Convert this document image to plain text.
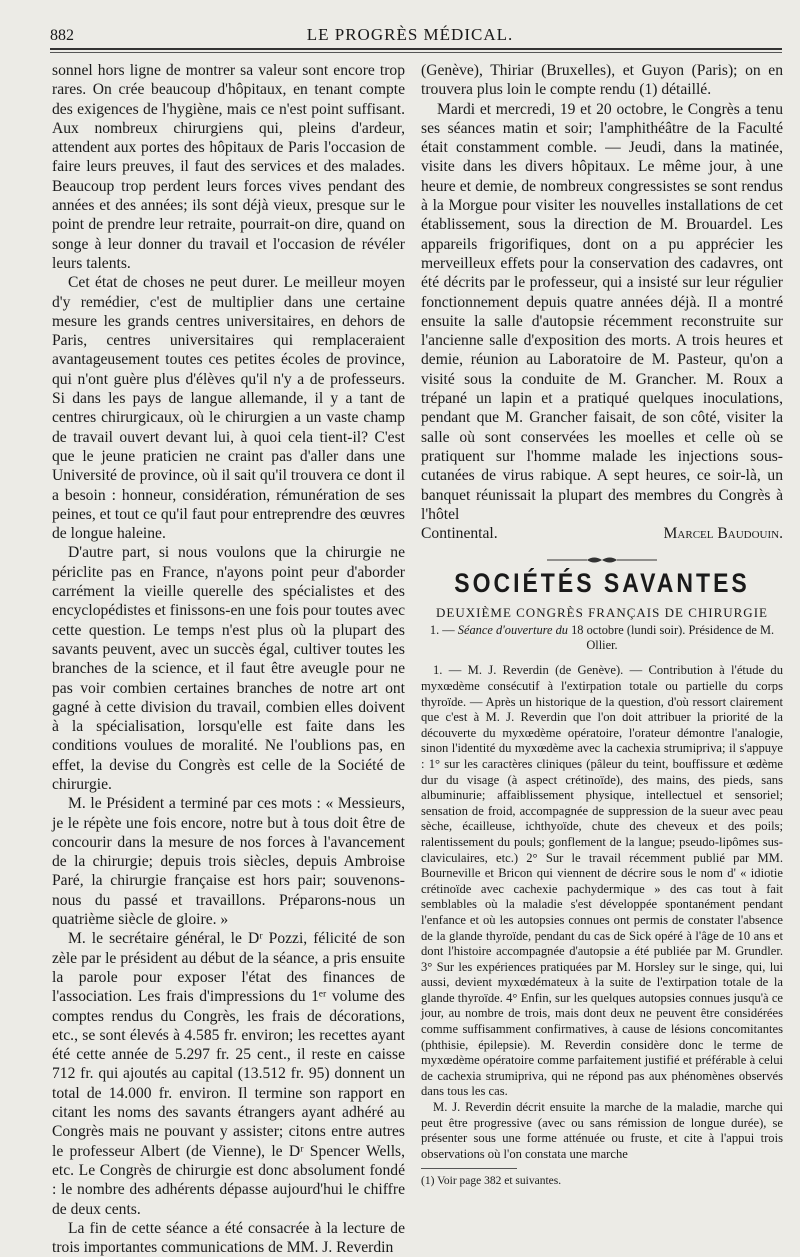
882	LE PROGRÈS MÉDICAL.

sonnel hors ligne de montrer sa valeur sont encore trop rares. On crée beaucoup d'hôpitaux, en tenant compte des exigences de l'hygiène, mais ce n'est point suffisant. Aux nombreux chirurgiens qui, pleins d'ardeur, attendent aux portes des hôpitaux de Paris l'occasion de faire leurs preuves, il faut des services et des malades. Beaucoup trop perdent leurs forces vives pendant des années et des années; ils sont déjà vieux, presque sur le point de prendre leur retraite, pourrait-on dire, quand on songe à leur donner du travail et l'occasion de révéler leurs talents.

Cet état de choses ne peut durer. Le meilleur moyen d'y remédier, c'est de multiplier dans une certaine mesure les grands centres universitaires, en dehors de Paris, centres universitaires qui remplaceraient avantageusement toutes ces petites écoles de province, qui n'ont guère plus d'élèves qu'il n'y a de professeurs. Si dans les pays de langue allemande, il y a tant de centres chirurgicaux, où le chirurgien a un vaste champ de travail ouvert devant lui, à quoi cela tient-il? C'est que le jeune praticien ne craint pas d'aller dans une Université de province, où il sait qu'il trouvera ce dont il a besoin : honneur, considération, rémunération de ses peines, et tout ce qu'il faut pour entreprendre des œuvres de longue haleine.

D'autre part, si nous voulons que la chirurgie ne périclite pas en France, n'ayons point peur d'aborder carrément la vieille querelle des spécialistes et des encyclopédistes et finissons-en une fois pour toutes avec cette question. Le temps n'est plus où la plupart des savants peuvent, avec un succès égal, cultiver toutes les branches de la science, et il faut être aveugle pour ne pas voir combien certaines branches de notre art ont gagné à cette division du travail, combien elles doivent à la spécialisation, lorsqu'elle est faite dans les conditions voulues de moralité. Ne l'oublions pas, en effet, la devise du Congrès est celle de la Société de chirurgie.

M. le Président a terminé par ces mots : « Messieurs, je le répète une fois encore, notre but à tous doit être de concourir dans la mesure de nos forces à l'avancement de la chirurgie; depuis trois siècles, depuis Ambroise Paré, la chirurgie française est hors pair; souvenons-nous du passé et travaillons. Préparons-nous un quatrième siècle de gloire. »

M. le secrétaire général, le Dʳ Pozzi, félicité de son zèle par le président au début de la séance, a pris ensuite la parole pour exposer l'état des finances de l'association. Les frais d'impressions du 1ᵉʳ volume des comptes rendus du Congrès, les frais de décorations, etc., se sont élevés à 4.585 fr. environ; les recettes ayant été cette année de 5.297 fr. 25 cent., il reste en caisse 712 fr. qui ajoutés au capital (13.512 fr. 95) donnent un total de 14.000 fr. environ. Il termine son rapport en citant les noms des savants étrangers ayant adhéré au Congrès mais ne pouvant y assister; citons entre autres le professeur Albert (de Vienne), le Dʳ Spencer Wells, etc. Le Congrès de chirurgie est donc absolument fondé : le nombre des adhérents dépasse aujourd'hui le chiffre de deux cents.

La fin de cette séance a été consacrée à la lecture de trois importantes communications de MM. J. Reverdin

(Genève), Thiriar (Bruxelles), et Guyon (Paris); on en trouvera plus loin le compte rendu (1) détaillé.

Mardi et mercredi, 19 et 20 octobre, le Congrès a tenu ses séances matin et soir; l'amphithéâtre de la Faculté était constamment comble. — Jeudi, dans la matinée, visite dans les divers hôpitaux. Le même jour, à une heure et demie, de nombreux congressistes se sont rendus à la Morgue pour visiter les nouvelles installations de cet établissement, sous la direction de M. Brouardel. Les appareils frigorifiques, dont on a pu apprécier les merveilleux effets pour la conservation des cadavres, ont été décrits par le professeur, qui a insisté sur leur régulier fonctionnement depuis quatre années déjà. Il a montré ensuite la salle d'autopsie récemment reconstruite sur l'ancienne salle d'exposition des morts. A trois heures et demie, réunion au Laboratoire de M. Pasteur, qu'on a visité sous la conduite de M. Grancher. M. Roux a trépané un lapin et a pratiqué quelques inoculations, pendant que M. Grancher faisait, de son côté, visiter la salle où sont conservées les moelles et celle où se pratiquent sur l'homme malade les injections sous-cutanées de virus rabique. A sept heures, ce soir-là, un banquet réunissait la plupart des membres du Congrès à l'hôtel

Continental.	Marcel Baudouin.

SOCIÉTÉS SAVANTES
DEUXIÈME CONGRÈS FRANÇAIS DE CHIRURGIE
1. — Séance d'ouverture du 18 octobre (lundi soir). Présidence de M. Ollier.

1. — M. J. Reverdin (de Genève). — Contribution à l'étude du myxœdème consécutif à l'extirpation totale ou partielle du corps thyroïde. — Après un historique de la question, d'où ressort clairement que c'est à M. J. Reverdin que l'on doit attribuer la priorité de la découverte du myxœdème opératoire, l'orateur démontre l'analogie, sinon l'identité du myxœdème avec la cachexia strumipriva; il s'appuye : 1° sur les caractères cliniques (pâleur du teint, bouffissure et œdème dur du visage (à aspect crétinoïde), des mains, des pieds, sans albuminurie; affaiblissement physique, intellectuel et sensoriel; sensation de froid, accompagnée de suppression de la sueur avec peau sèche, écailleuse, ichthyoïde, chute des cheveux et des poils; ralentissement du pouls; gonflement de la langue; pseudo-lipômes sus-claviculaires, etc.) 2° Sur le travail récemment publié par MM. Bourneville et Bricon qui viennent de décrire sous le nom d' « idiotie crétinoïde avec cachexie pachydermique » des cas tout à fait semblables où la maladie s'est développée spontanément pendant l'enfance et où les autopsies connues ont permis de constater l'absence de la glande thyroïde, pendant du cas de Sick opéré à l'âge de 10 ans et dont l'histoire accompagnée d'autopsie a été publiée par M. Grundler. 3° Sur les expériences pratiquées par M. Horsley sur le singe, qui, lui aussi, devient myxœdémateux à la suite de l'extirpation totale de la glande thyroïde. 4° Enfin, sur les quelques autopsies connues jusqu'à ce jour, au nombre de trois, mais dont deux ne peuvent être considérées comme suffisamment confirmatives, à cause de lésions concomitantes (phthisie, épilepsie). M. Reverdin considère donc le terme de myxœdème opératoire comme parfaitement justifié et préférable à celui de cachexia strumipriva, qui ne répond pas aux phénomènes observés dans tous les cas.

M. J. Reverdin décrit ensuite la marche de la maladie, marche qui peut être progressive (avec ou sans rémission de longue durée), se présenter sous une forme atténuée ou fruste, et cite à l'appui trois observations où l'on constata une marche

(1) Voir page 382 et suivantes.
